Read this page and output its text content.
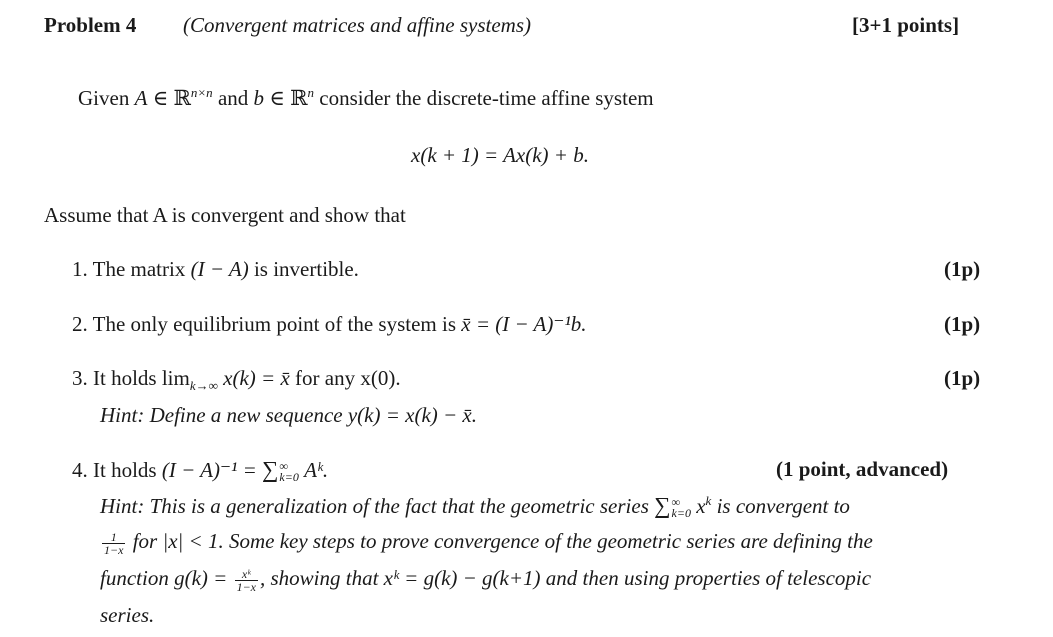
Problem 4 (Convergent matrices and affine systems)	[3+1 points]
Given A ∈ ℝ$^{n\times n}$ and b ∈ ℝ$^n$ consider the discrete-time affine system
x(k + 1) = Ax(k) + b.
Assume that A is convergent and show that
1. The matrix (I − A) is invertible.	(1p)
2. The only equilibrium point of the system is x̄ = (I − A)⁻¹b.	(1p)
3. It holds $\lim_{k\to\infty} x(k)$ = x̄ for any x(0).	(1p)
Hint: Define a new sequence y(k) = x(k) − x̄.
4. It holds (I − A)⁻¹ = ∑ ∞
k=0 Aᵏ.	(1 point, advanced)
Hint: This is a generalization of the fact that the geometric series ∑ ∞
k=0 $x^k$ is convergent to
$\frac{1}{1-x}$ for |x| < 1. Some key steps to prove convergence of the geometric series are defining the
function $g(k) = \frac{\text{xᵏ}}{1-x}$ , showing that xᵏ = g(k) − g(k+1) and then using properties of telescopic
series.
